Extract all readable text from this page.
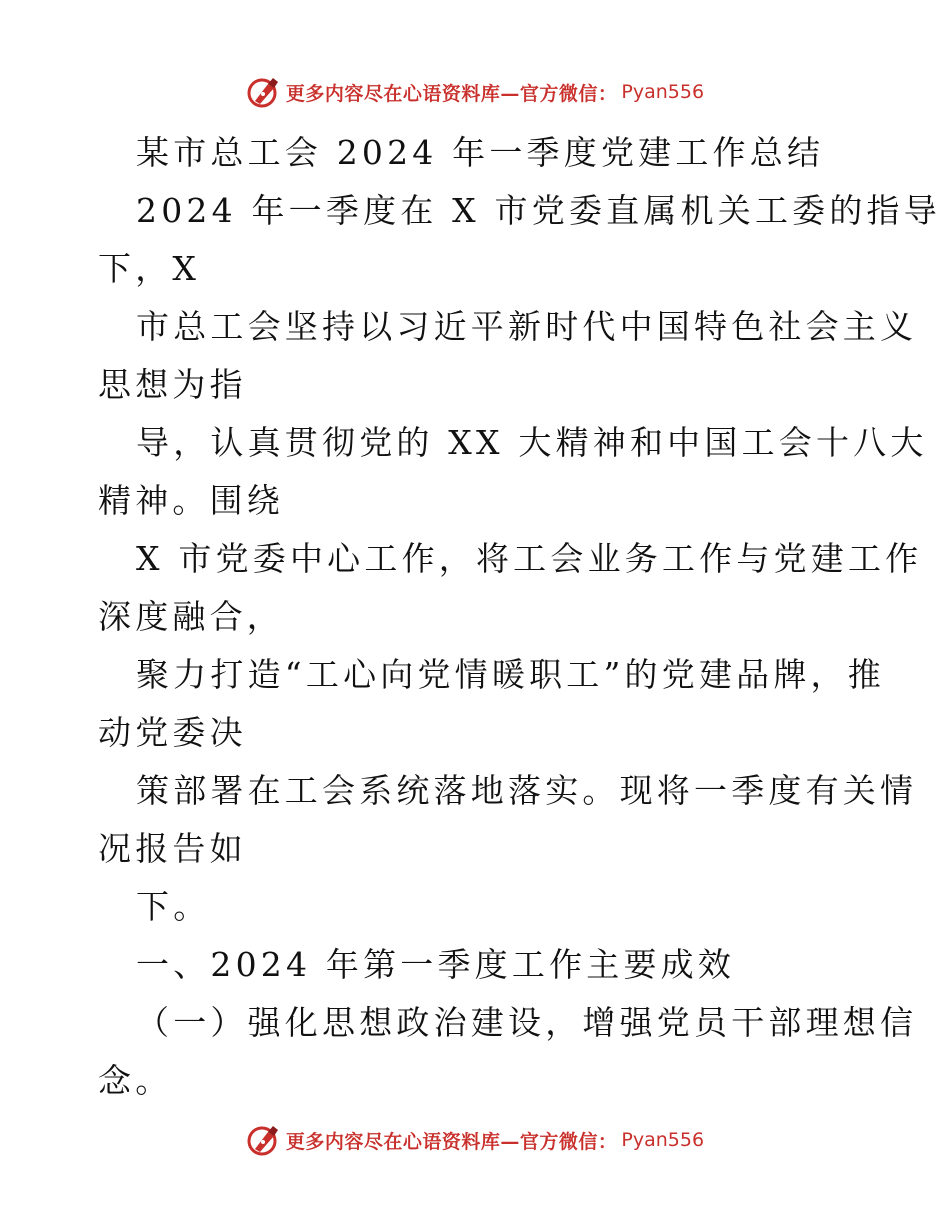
更多内容尽在心语资料库—官方微信： Pyan556
某市总工会 2024 年一季度党建工作总结
2024 年一季度在 X 市党委直属机关工委的指导
下，X
市总工会坚持以习近平新时代中国特色社会主义
思想为指
导，认真贯彻党的 XX 大精神和中国工会十八大
精神。围绕
X 市党委中心工作，将工会业务工作与党建工作
深度融合，
聚力打造“工心向党情暖职工”的党建品牌，推
动党委决
策部署在工会系统落地落实。现将一季度有关情
况报告如
下。
一、2024 年第一季度工作主要成效
（一）强化思想政治建设，增强党员干部理想信
念。
更多内容尽在心语资料库—官方微信： Pyan556
